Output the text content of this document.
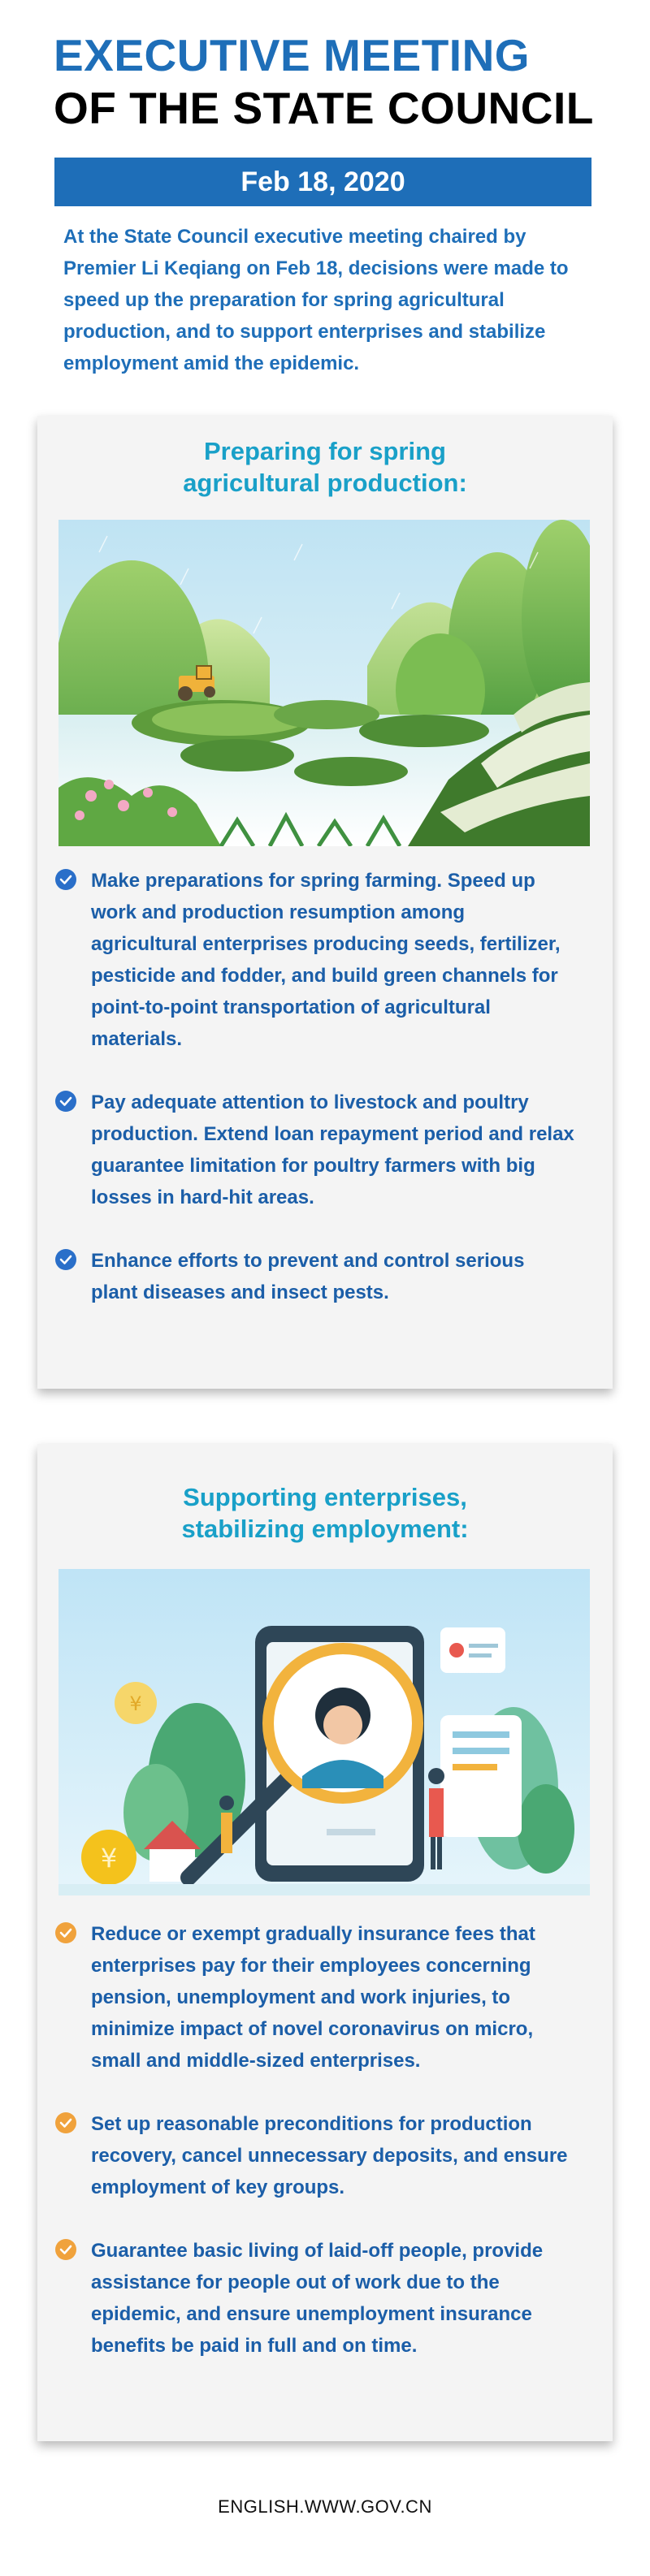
EXECUTIVE MEETING
OF THE STATE COUNCIL
Feb 18, 2020
At the State Council executive meeting chaired by Premier Li Keqiang on Feb 18, decisions were made to speed up the preparation for spring agricultural production, and to support enterprises and stabilize employment amid the epidemic.
Preparing for spring
agricultural production:
Make preparations for spring farming. Speed up work and production resumption among agricultural enterprises producing seeds, fertilizer, pesticide and fodder, and build green channels for point-to-point transportation of agricultural materials.
Pay adequate attention to livestock and poultry production. Extend loan repayment period and relax guarantee limitation for poultry farmers with big losses in hard-hit areas.
Enhance efforts to prevent and control serious plant diseases and insect pests.
Supporting enterprises,
stabilizing employment:
¥
¥
Reduce or exempt gradually insurance fees that enterprises pay for their employees concerning pension, unemployment and work injuries, to minimize impact of novel coronavirus on micro, small and middle-sized enterprises.
Set up reasonable preconditions for production recovery, cancel unnecessary deposits, and ensure employment of key groups.
Guarantee basic living of laid-off people, provide assistance for people out of work due to the epidemic, and ensure unemployment insurance benefits be paid in full and on time.
ENGLISH.WWW.GOV.CN
